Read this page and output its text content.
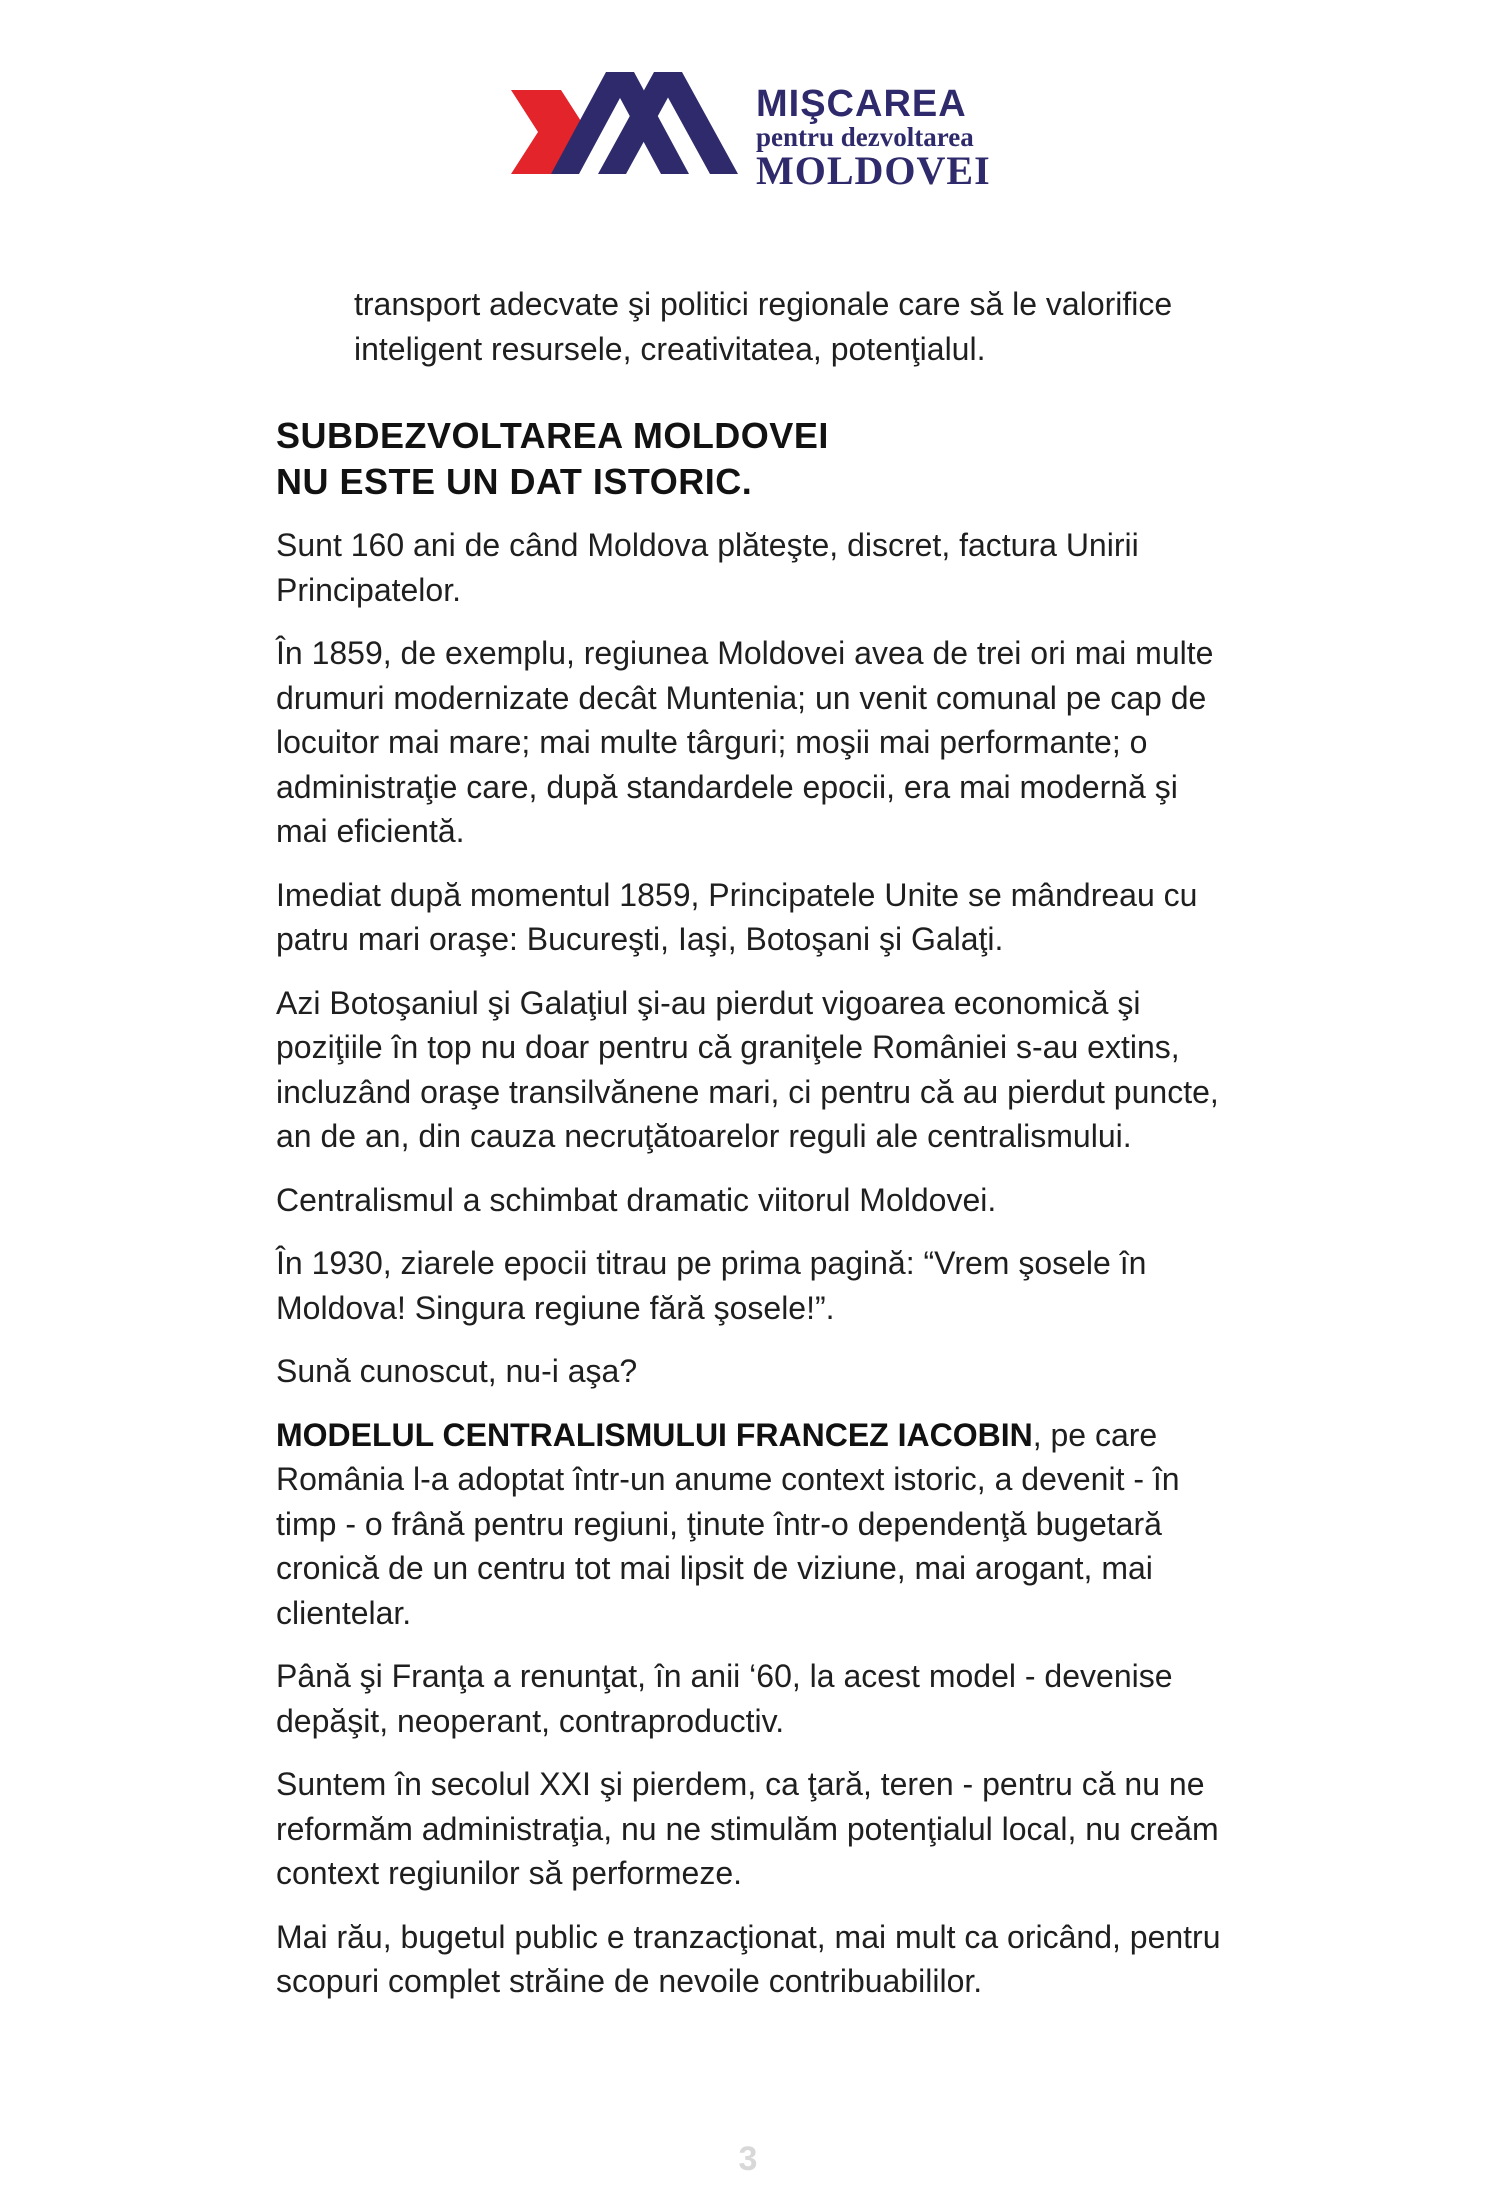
MIŞCAREA
pentru dezvoltarea
MOLDOVEI

transport adecvate şi politici regionale care să le valorifice inteligent resursele, creativitatea, potenţialul.

SUBDEZVOLTAREA MOLDOVEI
NU ESTE UN DAT ISTORIC.

Sunt 160 ani de când Moldova plăteşte, discret, factura Unirii Principatelor.

În 1859, de exemplu, regiunea Moldovei avea de trei ori mai multe drumuri modernizate decât Muntenia; un venit comunal pe cap de locuitor mai mare; mai multe târguri; moşii mai performante; o administraţie care, după standardele epocii, era mai modernă şi mai eficientă.

Imediat după momentul 1859, Principatele Unite se mândreau cu patru mari oraşe: Bucureşti, Iaşi, Botoşani şi Galaţi.

Azi Botoşaniul şi Galaţiul şi-au pierdut vigoarea economică şi poziţiile în top nu doar pentru că graniţele României s-au extins, incluzând oraşe transilvănene mari, ci pentru că au pierdut puncte, an de an, din cauza necruţătoarelor reguli ale centralismului.

Centralismul a schimbat dramatic viitorul Moldovei.

În 1930, ziarele epocii titrau pe prima pagină: “Vrem şosele în Moldova! Singura regiune fără şosele!”.

Sună cunoscut, nu-i aşa?

MODELUL CENTRALISMULUI FRANCEZ IACOBIN, pe care România l-a adoptat într-un anume context istoric, a devenit - în timp - o frână pentru regiuni, ţinute într-o dependenţă bugetară cronică de un centru tot mai lipsit de viziune, mai arogant, mai clientelar.

Până şi Franţa a renunţat, în anii ‘60, la acest model - devenise depăşit, neoperant, contraproductiv.

Suntem în secolul XXI şi pierdem, ca ţară, teren - pentru că nu ne reformăm administraţia, nu ne stimulăm potenţialul local, nu creăm context regiunilor să performeze.

Mai rău, bugetul public e tranzacţionat, mai mult ca oricând, pentru scopuri complet străine de nevoile contribuabililor.

3
